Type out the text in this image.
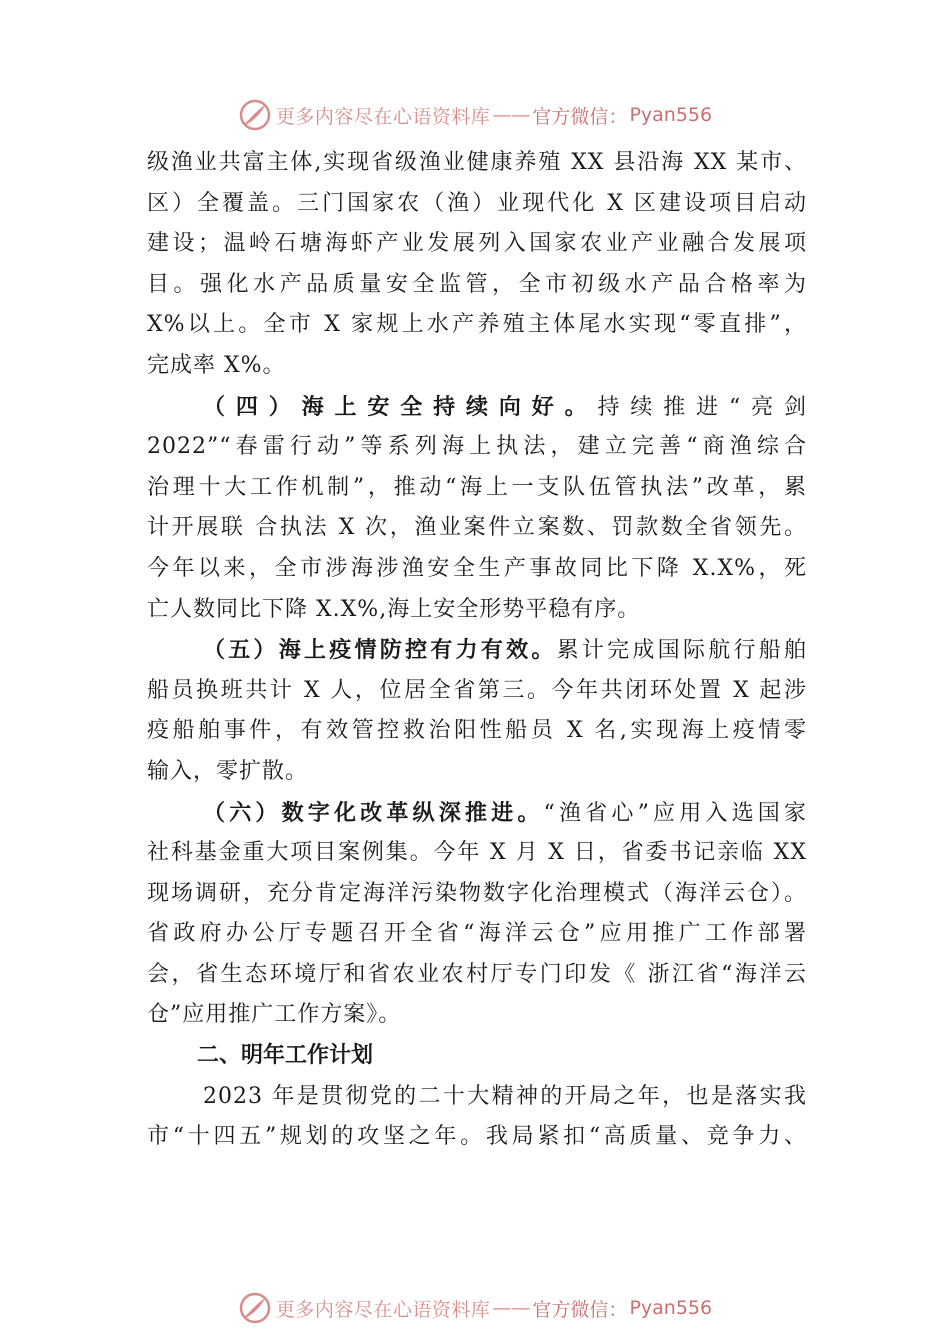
更多内容尽在心语资料库 —— 官方微信： Pyan556
级渔业共富主体,实现省级渔业健康养殖 XX 县沿海 XX 某市、
区）全覆盖。三门国家农（渔）业现代化 X 区建设项目启动
建设；温岭石塘海虾产业发展列入国家农业产业融合发展项
目。强化水产品质量安全监管，全市初级水产品合格率为
X%以上。全市 X 家规上水产养殖主体尾水实现“零直排”，
完成率 X%。
（四）海上安全持续向好。持续推进“亮剑
2022”“春雷行动”等系列海上执法，建立完善“商渔综合
治理十大工作机制”，推动“海上一支队伍管执法”改革，累
计开展联 合执法 X 次，渔业案件立案数、罚款数全省领先。
今年以来，全市涉海涉渔安全生产事故同比下降 X.X%，死
亡人数同比下降 X.X%,海上安全形势平稳有序。
（五）海上疫情防控有力有效。累计完成国际航行船舶
船员换班共计 X 人，位居全省第三。今年共闭环处置 X 起涉
疫船舶事件，有效管控救治阳性船员 X 名,实现海上疫情零
输入，零扩散。
（六）数字化改革纵深推进。“渔省心”应用入选国家
社科基金重大项目案例集。今年 X 月 X 日，省委书记亲临 XX
现场调研，充分肯定海洋污染物数字化治理模式（海洋云仓）。
省政府办公厅专题召开全省“海洋云仓”应用推广工作部署
会，省生态环境厅和省农业农村厅专门印发《 浙江省“海洋云
仓”应用推广工作方案》。
二、明年工作计划
2023 年是贯彻党的二十大精神的开局之年，也是落实我
市“十四五”规划的攻坚之年。我局紧扣“高质量、竞争力、
更多内容尽在心语资料库 —— 官方微信： Pyan556
